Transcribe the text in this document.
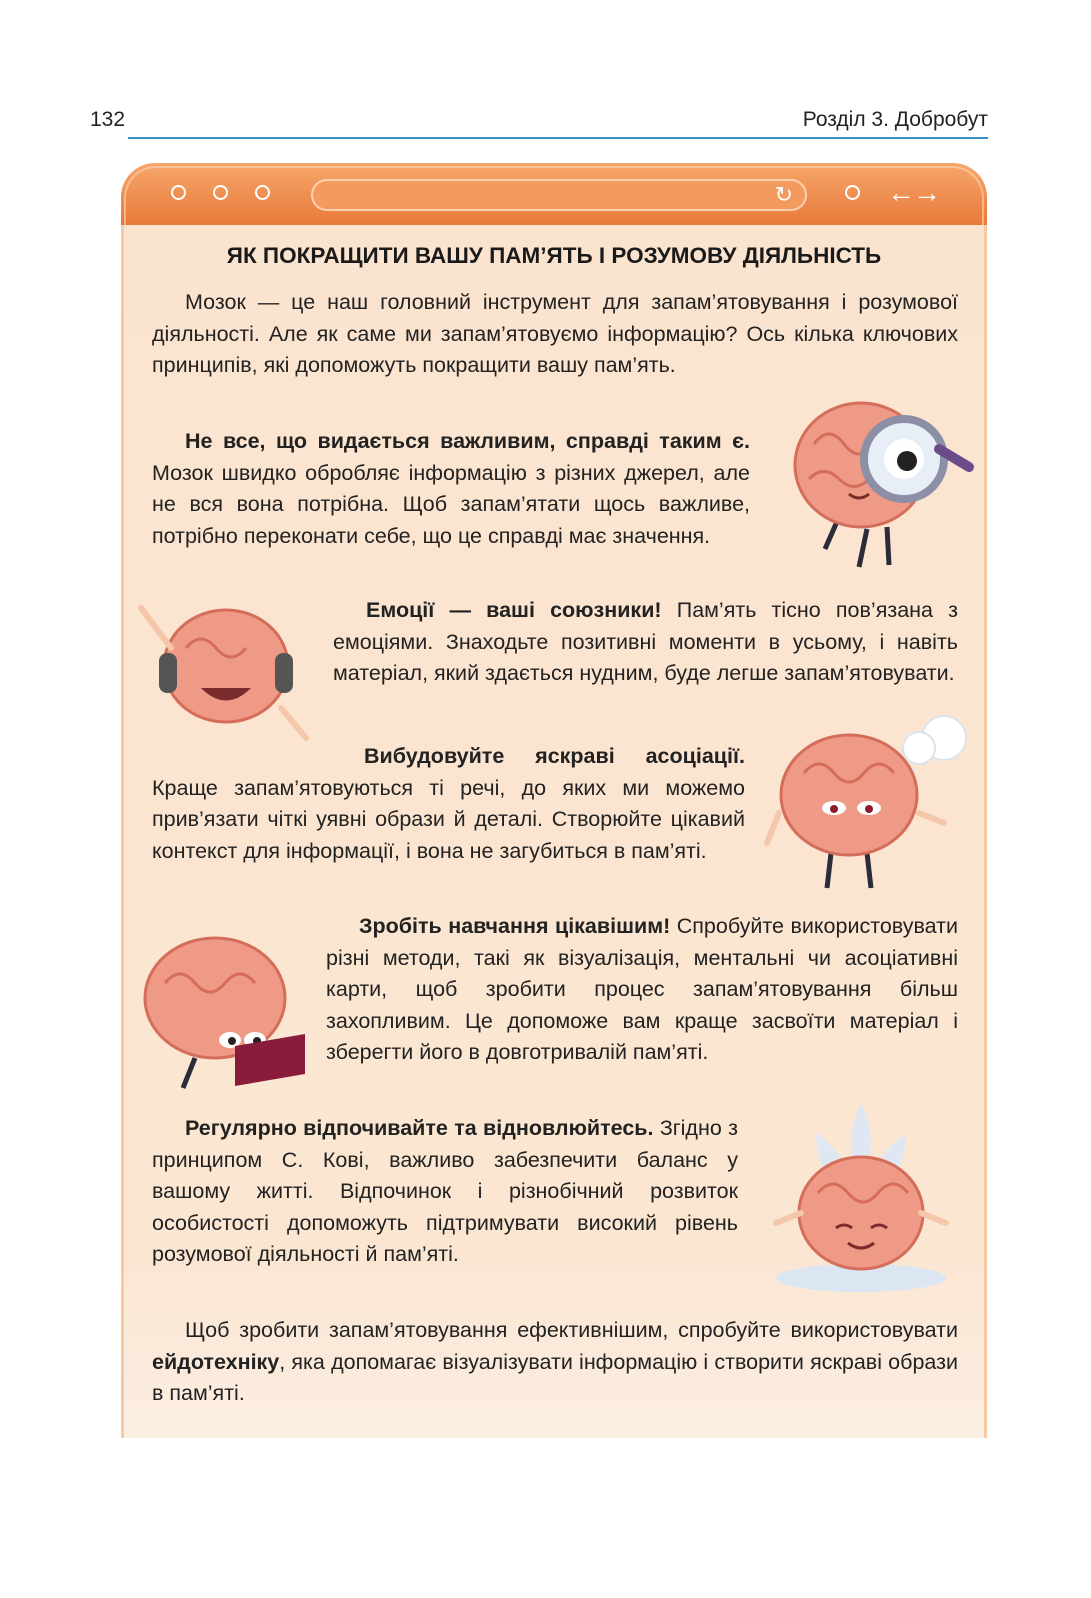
132	Розділ 3. Добробут
↻	←→
ЯК ПОКРАЩИТИ ВАШУ ПАМ’ЯТЬ І РОЗУМОВУ ДІЯЛЬНІСТЬ
Мозок — це наш головний інструмент для запам’ятовування і розумової діяльності. Але як саме ми запам’ятовуємо інформацію? Ось кілька ключових принципів, які допоможуть покращити вашу пам’ять.
Не все, що видається важливим, справді таким є. Мозок швидко обробляє інформацію з різних джерел, але не вся вона потрібна. Щоб запам’ятати щось важливе, потрібно переконати себе, що це справді має значення.
Емоції — ваші союзники! Пам’ять тісно пов’язана з емоціями. Знаходьте позитивні моменти в усьому, і навіть матеріал, який здається нудним, буде легше запам’ятовувати.
Вибудовуйте яскраві асоціації. Краще запам’ятовуються ті речі, до яких ми можемо прив’язати чіткі уявні образи й деталі. Створюйте цікавий контекст для інформації, і вона не загубиться в пам’яті.
Зробіть навчання цікавішим! Спробуйте використовувати різні методи, такі як візуалізація, ментальні чи асоціативні карти, щоб зробити процес запам’ятовування більш захопливим. Це допоможе вам краще засвоїти матеріал і зберегти його в довготривалій пам’яті.
Регулярно відпочивайте та відновлюйтесь. Згідно з принципом С. Кові, важливо забезпечити баланс у вашому житті. Відпочинок і різнобічний розвиток особистості допоможуть підтримувати високий рівень розумової діяльності й пам’яті.
Щоб зробити запам’ятовування ефективнішим, спробуйте використовувати ейдотехніку, яка допомагає візуалізувати інформацію і створити яскраві образи в пам’яті.
